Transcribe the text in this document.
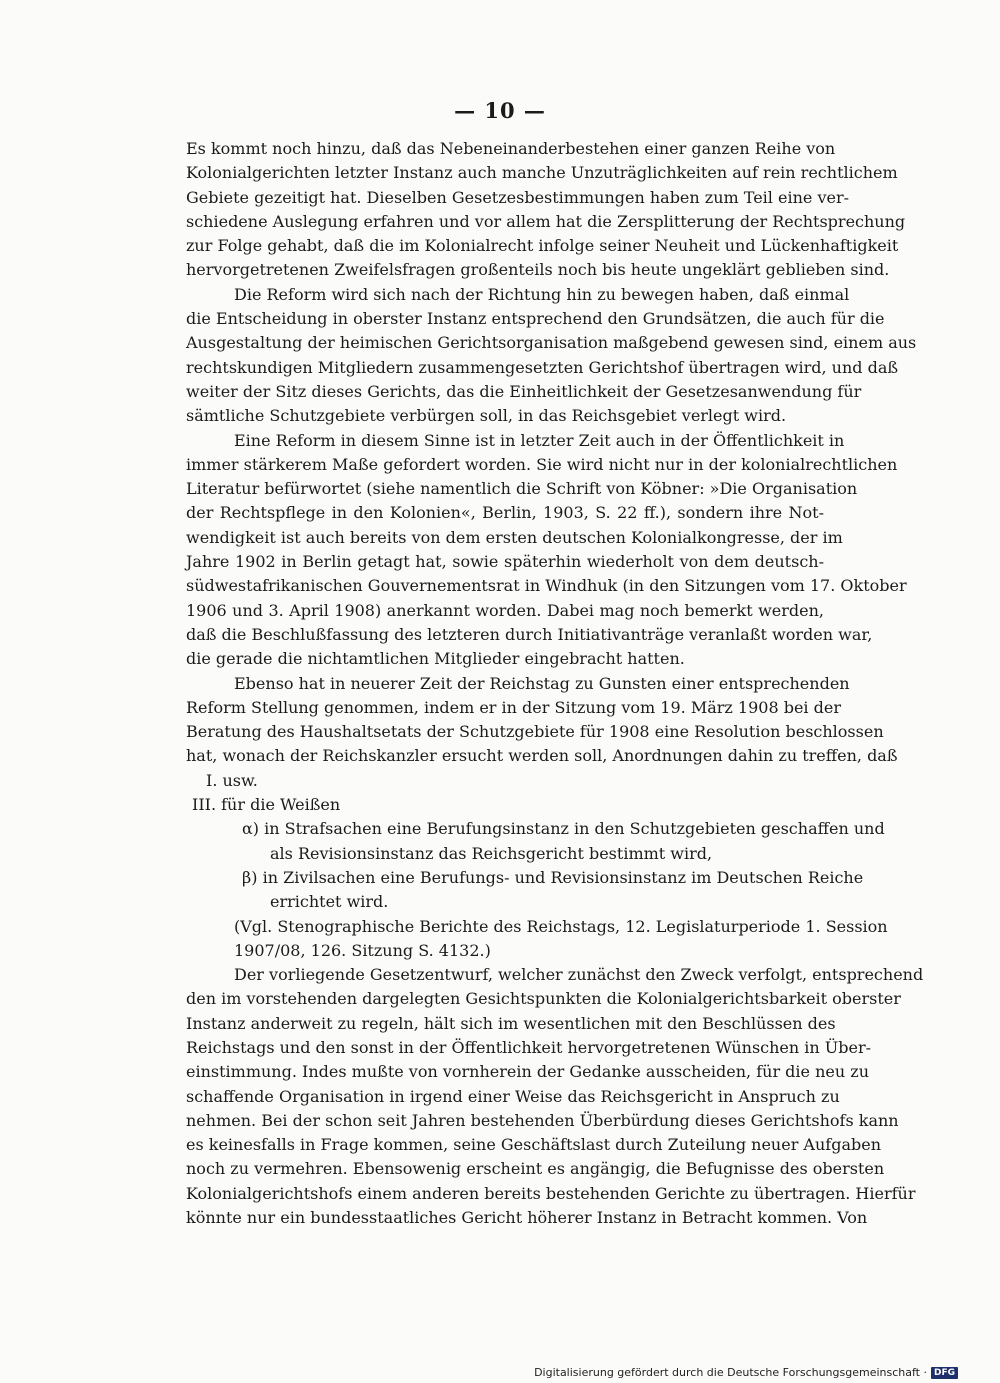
— 10 —
Es kommt noch hinzu, daß das Nebeneinanderbestehen einer ganzen Reihe von
Kolonialgerichten letzter Instanz auch manche Unzuträglichkeiten auf rein rechtlichem
Gebiete gezeitigt hat. Dieselben Gesetzesbestimmungen haben zum Teil eine ver-
schiedene Auslegung erfahren und vor allem hat die Zersplitterung der Rechtsprechung
zur Folge gehabt, daß die im Kolonialrecht infolge seiner Neuheit und Lückenhaftigkeit
hervorgetretenen Zweifelsfragen großenteils noch bis heute ungeklärt geblieben sind.
Die Reform wird sich nach der Richtung hin zu bewegen haben, daß einmal
die Entscheidung in oberster Instanz entsprechend den Grundsätzen, die auch für die
Ausgestaltung der heimischen Gerichtsorganisation maßgebend gewesen sind, einem aus
rechtskundigen Mitgliedern zusammengesetzten Gerichtshof übertragen wird, und daß
weiter der Sitz dieses Gerichts, das die Einheitlichkeit der Gesetzesanwendung für
sämtliche Schutzgebiete verbürgen soll, in das Reichsgebiet verlegt wird.
Eine Reform in diesem Sinne ist in letzter Zeit auch in der Öffentlichkeit in
immer stärkerem Maße gefordert worden. Sie wird nicht nur in der kolonialrechtlichen
Literatur befürwortet (siehe namentlich die Schrift von Köbner: »Die Organisation
der Rechtspflege in den Kolonien«, Berlin, 1903, S. 22 ff.), sondern ihre Not-
wendigkeit ist auch bereits von dem ersten deutschen Kolonialkongresse, der im
Jahre 1902 in Berlin getagt hat, sowie späterhin wiederholt von dem deutsch-
südwestafrikanischen Gouvernementsrat in Windhuk (in den Sitzungen vom 17. Oktober
1906 und 3. April 1908) anerkannt worden. Dabei mag noch bemerkt werden,
daß die Beschlußfassung des letzteren durch Initiativanträge veranlaßt worden war,
die gerade die nichtamtlichen Mitglieder eingebracht hatten.
Ebenso hat in neuerer Zeit der Reichstag zu Gunsten einer entsprechenden
Reform Stellung genommen, indem er in der Sitzung vom 19. März 1908 bei der
Beratung des Haushaltsetats der Schutzgebiete für 1908 eine Resolution beschlossen
hat, wonach der Reichskanzler ersucht werden soll, Anordnungen dahin zu treffen, daß
I. usw.
III. für die Weißen
α) in Strafsachen eine Berufungsinstanz in den Schutzgebieten geschaffen und
als Revisionsinstanz das Reichsgericht bestimmt wird,
β) in Zivilsachen eine Berufungs- und Revisionsinstanz im Deutschen Reiche
errichtet wird.
(Vgl. Stenographische Berichte des Reichstags, 12. Legislaturperiode 1. Session
1907/08, 126. Sitzung S. 4132.)
Der vorliegende Gesetzentwurf, welcher zunächst den Zweck verfolgt, entsprechend
den im vorstehenden dargelegten Gesichtspunkten die Kolonialgerichtsbarkeit oberster
Instanz anderweit zu regeln, hält sich im wesentlichen mit den Beschlüssen des
Reichstags und den sonst in der Öffentlichkeit hervorgetretenen Wünschen in Über-
einstimmung. Indes mußte von vornherein der Gedanke ausscheiden, für die neu zu
schaffende Organisation in irgend einer Weise das Reichsgericht in Anspruch zu
nehmen. Bei der schon seit Jahren bestehenden Überbürdung dieses Gerichtshofs kann
es keinesfalls in Frage kommen, seine Geschäftslast durch Zuteilung neuer Aufgaben
noch zu vermehren. Ebensowenig erscheint es angängig, die Befugnisse des obersten
Kolonialgerichtshofs einem anderen bereits bestehenden Gerichte zu übertragen. Hierfür
könnte nur ein bundesstaatliches Gericht höherer Instanz in Betracht kommen. Von
Digitalisierung gefördert durch die Deutsche Forschungsgemeinschaft · DFG
